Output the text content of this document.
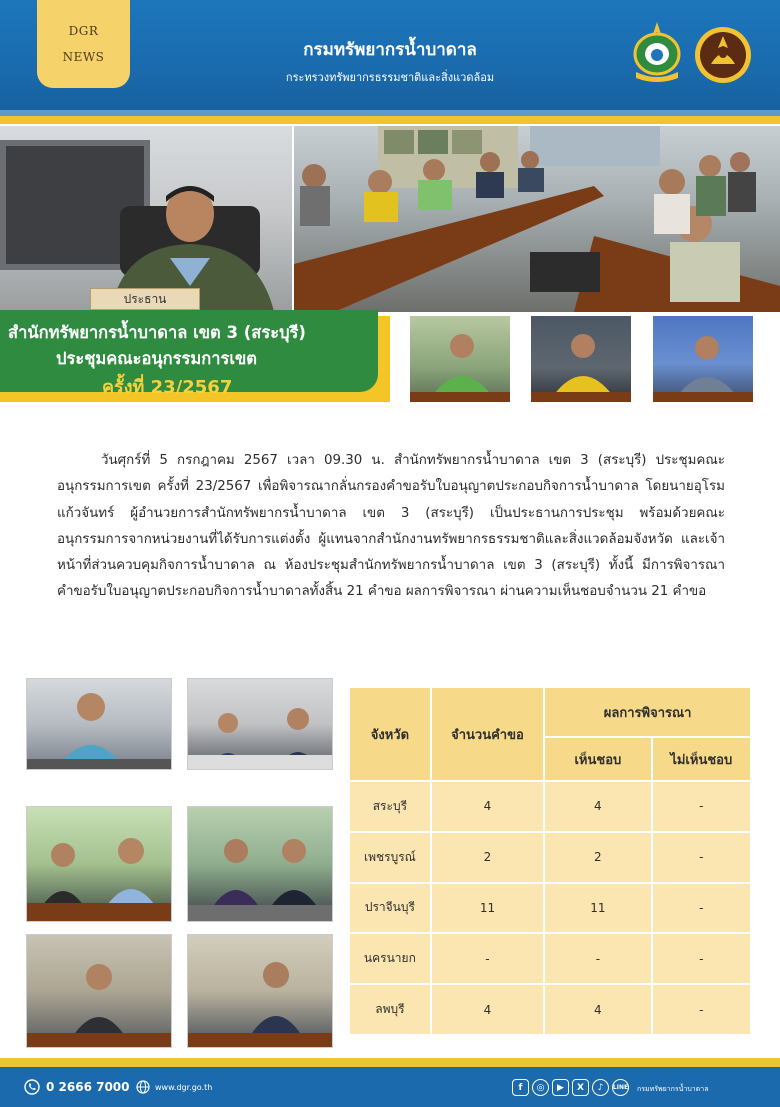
DGR
NEWS	กรมทรัพยากรน้ำบาดาล
กระทรวงทรัพยากรธรรมชาติและสิ่งแวดล้อม
ประธาน
สำนักทรัพยากรน้ำบาดาล เขต 3 (สระบุรี)
ประชุมคณะอนุกรรมการเขต
ครั้งที่ 23/2567

วันศุกร์ที่ 5 กรกฎาคม 2567 เวลา 09.30 น. สำนักทรัพยากรน้ำบาดาล เขต 3 (สระบุรี) ประชุมคณะอนุกรรมการเขต ครั้งที่ 23/2567 เพื่อพิจารณากลั่นกรองคำขอรับใบอนุญาตประกอบกิจการน้ำบาดาล โดยนายอุโรม แก้วจันทร์ ผู้อำนวยการสำนักทรัพยากรน้ำบาดาล เขต 3 (สระบุรี) เป็นประธานการประชุม พร้อมด้วยคณะอนุกรรมการจากหน่วยงานที่ได้รับการแต่งตั้ง ผู้แทนจากสำนักงานทรัพยากรธรรมชาติและสิ่งแวดล้อมจังหวัด และเจ้าหน้าที่ส่วนควบคุมกิจการน้ำบาดาล ณ ห้องประชุมสำนักทรัพยากรน้ำบาดาล เขต 3 (สระบุรี) ทั้งนี้ มีการพิจารณาคำขอรับใบอนุญาตประกอบกิจการน้ำบาดาลทั้งสิ้น 21 คำขอ ผลการพิจารณา ผ่านความเห็นชอบจำนวน 21 คำขอ

จังหวัด	จำนวนคำขอ	ผลการพิจารณา	
		เห็นชอบ	ไม่เห็นชอบ
สระบุรี	4	4	-
เพชรบูรณ์	2	2	-
ปราจีนบุรี	11	11	-
นครนายก	-	-	-
ลพบุรี	4	4	-
0 2666 7000	www.dgr.go.th	f	◎	▶	X	♪	LINE กรมทรัพยากรน้ำบาดาล
